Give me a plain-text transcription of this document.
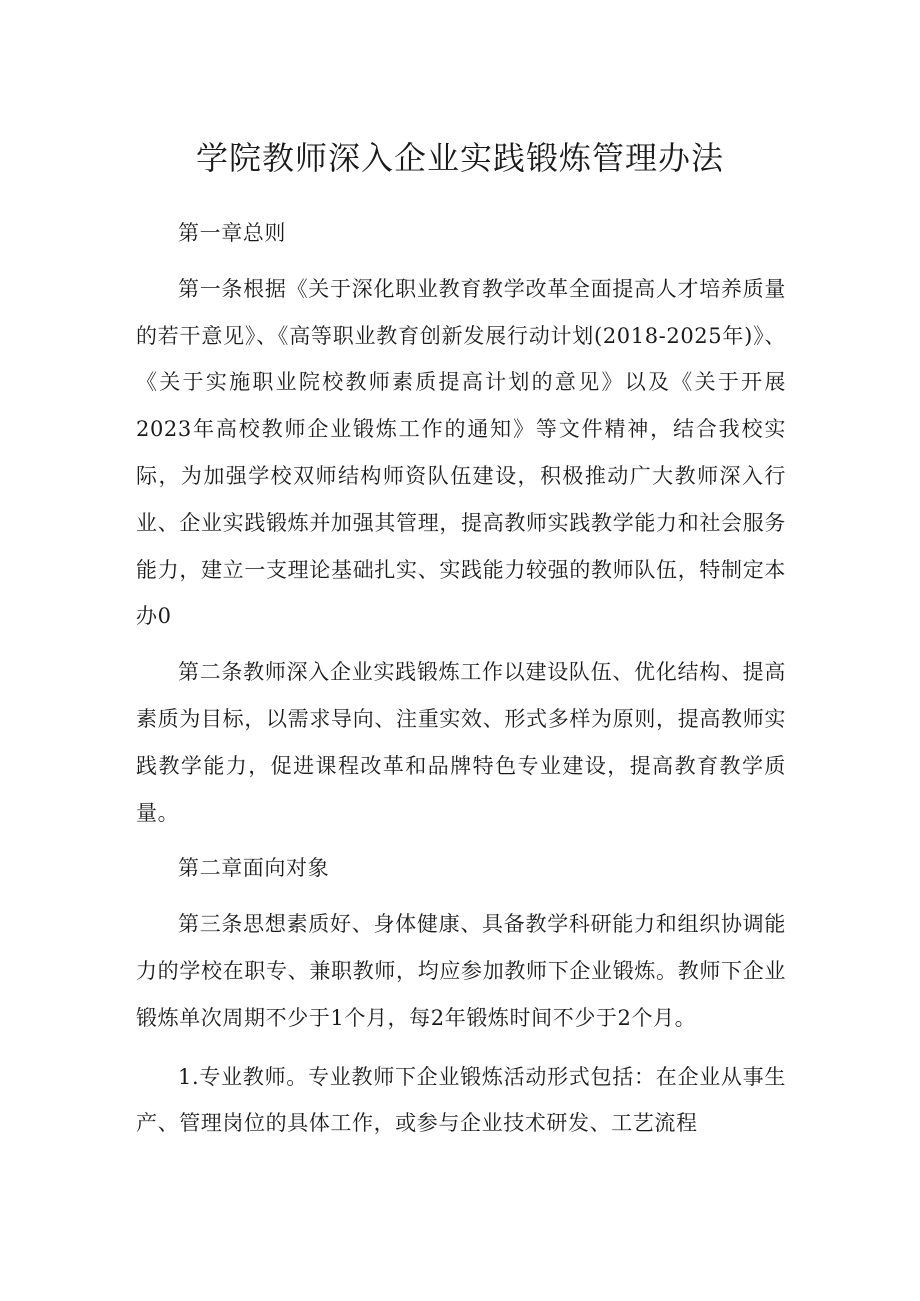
学院教师深入企业实践锻炼管理办法

第一章总则

第一条根据《关于深化职业教育教学改革全面提高人才培养质量的若干意见》、《高等职业教育创新发展行动计划(2018-2025年)》、《关于实施职业院校教师素质提高计划的意见》以及《关于开展2023年高校教师企业锻炼工作的通知》等文件精神，结合我校实际，为加强学校双师结构师资队伍建设，积极推动广大教师深入行业、企业实践锻炼并加强其管理，提高教师实践教学能力和社会服务能力，建立一支理论基础扎实、实践能力较强的教师队伍，特制定本办0

第二条教师深入企业实践锻炼工作以建设队伍、优化结构、提高素质为目标，以需求导向、注重实效、形式多样为原则，提高教师实践教学能力，促进课程改革和品牌特色专业建设，提高教育教学质量。

第二章面向对象

第三条思想素质好、身体健康、具备教学科研能力和组织协调能力的学校在职专、兼职教师，均应参加教师下企业锻炼。教师下企业锻炼单次周期不少于1个月，每2年锻炼时间不少于2个月。

1.专业教师。专业教师下企业锻炼活动形式包括：在企业从事生产、管理岗位的具体工作，或参与企业技术研发、工艺流程
